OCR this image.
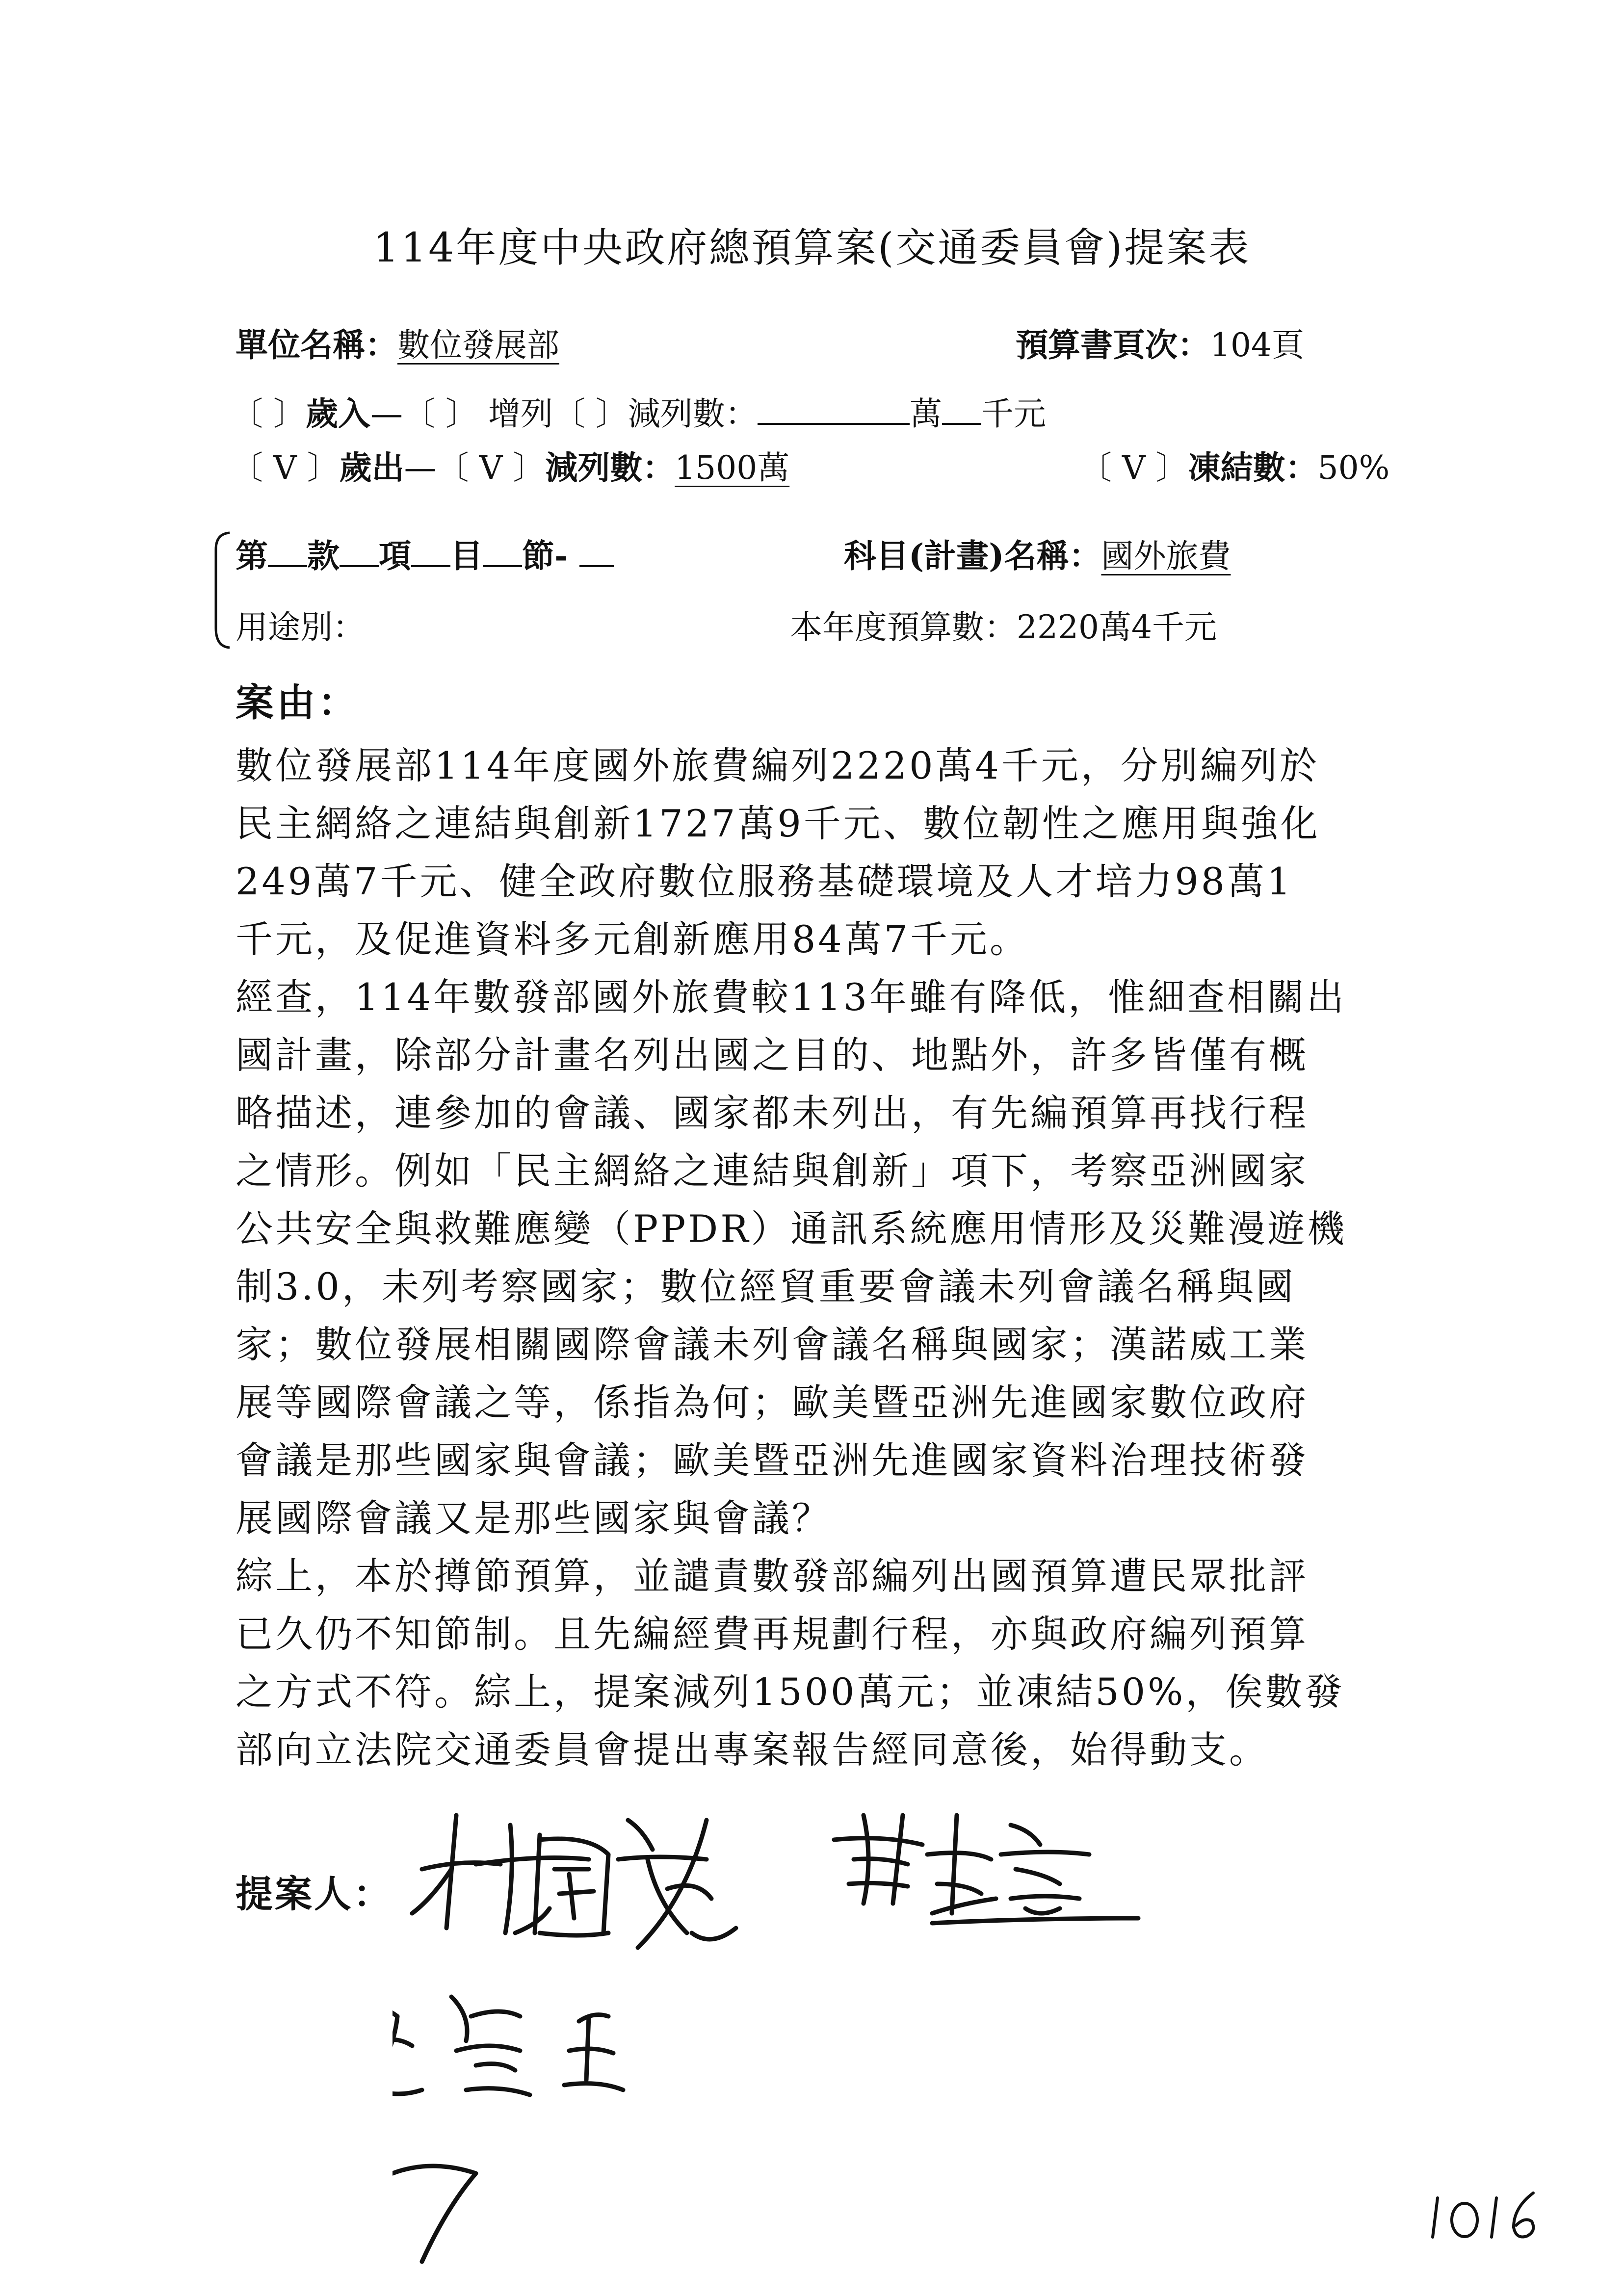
114年度中央政府總預算案(交通委員會)提案表
單位名稱：數位發展部	預算書頁次：104頁
〔 〕歲入—〔 〕 增列〔 〕減列數：	萬 千元
〔 V 〕歲出—〔 V 〕減列數：1500萬	〔 V 〕凍結數：50%
第 款 項 目 節-	科目(計畫)名稱：國外旅費
用途別：	本年度預算數：2220萬4千元
案由：
數位發展部114年度國外旅費編列2220萬4千元，分別編列於
民主網絡之連結與創新1727萬9千元、數位韌性之應用與強化
249萬7千元、健全政府數位服務基礎環境及人才培力98萬1
千元，及促進資料多元創新應用84萬7千元。
經查，114年數發部國外旅費較113年雖有降低，惟細查相關出
國計畫，除部分計畫名列出國之目的、地點外，許多皆僅有概
略描述，連參加的會議、國家都未列出，有先編預算再找行程
之情形。例如「民主網絡之連結與創新」項下，考察亞洲國家
公共安全與救難應變（PPDR）通訊系統應用情形及災難漫遊機
制3.0，未列考察國家；數位經貿重要會議未列會議名稱與國
家；數位發展相關國際會議未列會議名稱與國家；漢諾威工業
展等國際會議之等，係指為何；歐美暨亞洲先進國家數位政府
會議是那些國家與會議；歐美暨亞洲先進國家資料治理技術發
展國際會議又是那些國家與會議？
綜上，本於撙節預算，並譴責數發部編列出國預算遭民眾批評
已久仍不知節制。且先編經費再規劃行程，亦與政府編列預算
之方式不符。綜上，提案減列1500萬元；並凍結50%，俟數發
部向立法院交通委員會提出專案報告經同意後，始得動支。
提案人：
